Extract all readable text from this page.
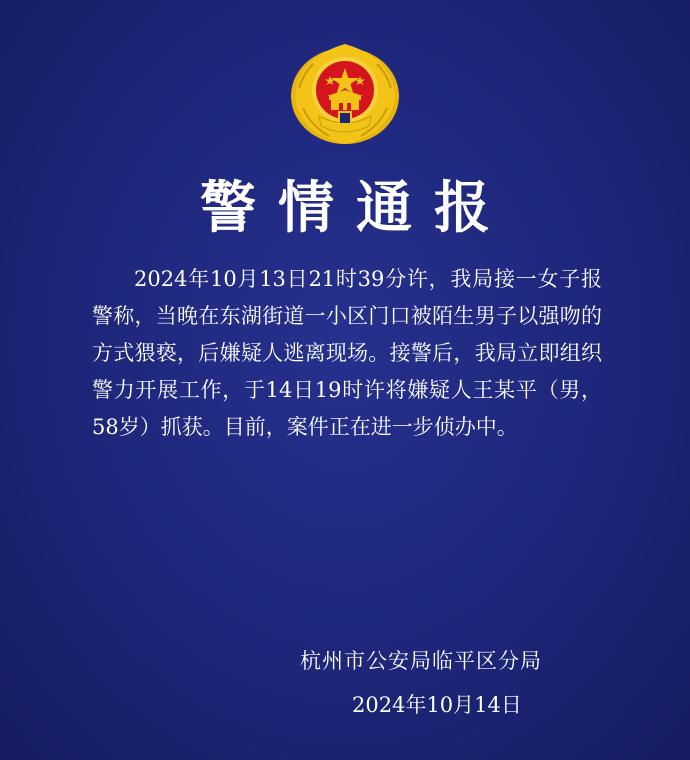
警情通报

2024年10月13日21时39分许，我局接一女子报警称，当晚在东湖街道一小区门口被陌生男子以强吻的方式猥亵，后嫌疑人逃离现场。接警后，我局立即组织警力开展工作，于14日19时许将嫌疑人王某平（男，58岁）抓获。目前，案件正在进一步侦办中。

杭州市公安局临平区分局
2024年10月14日
